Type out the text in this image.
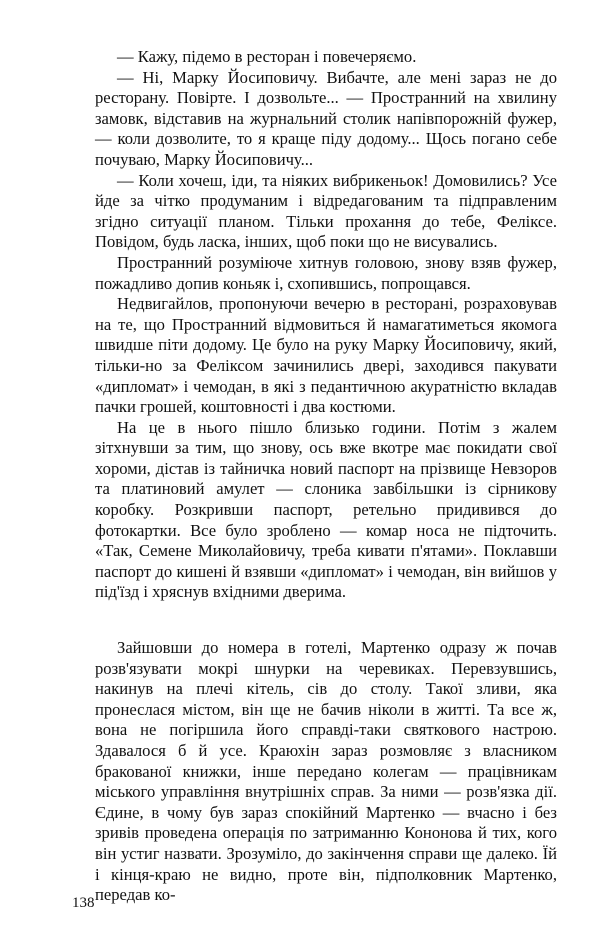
— Кажу, підемо в ресторан і повечеряємо.

— Ні, Марку Йосиповичу. Вибачте, але мені зараз не до ресторану. Повірте. І дозвольте... — Пространний на хвилину замовк, відставив на журнальний столик напівпорожній фужер, — коли дозволите, то я краще піду додому... Щось погано себе почуваю, Марку Йосиповичу...

— Коли хочеш, іди, та ніяких вибрикеньок! Домовились? Усе йде за чітко продуманим і відредагованим та підправленим згідно ситуації планом. Тільки прохання до тебе, Феліксе. Повідом, будь ласка, інших, щоб поки що не висувались.

Пространний розуміюче хитнув головою, знову взяв фужер, пожадливо допив коньяк і, схопившись, попрощався.

Недвигайлов, пропонуючи вечерю в ресторані, розраховував на те, що Пространний відмовиться й намагатиметься якомога швидше піти додому. Це було на руку Марку Йосиповичу, який, тільки-но за Феліксом зачинились двері, заходився пакувати «дипломат» і чемодан, в які з педантичною акуратністю вкладав пачки грошей, коштовності і два костюми.

На це в нього пішло близько години. Потім з жалем зітхнувши за тим, що знову, ось вже вкотре має покидати свої хороми, дістав із тайничка новий паспорт на прізвище Невзоров та платиновий амулет — слоника завбільшки із сірникову коробку. Розкривши паспорт, ретельно придивився до фотокартки. Все було зроблено — комар носа не підточить. «Так, Семене Миколайовичу, треба кивати п'ятами». Поклавши паспорт до кишені й взявши «дипломат» і чемодан, він вийшов у під'їзд і хряснув вхідними дверима.

Зайшовши до номера в готелі, Мартенко одразу ж почав розв'язувати мокрі шнурки на черевиках. Перевзувшись, накинув на плечі кітель, сів до столу. Такої зливи, яка пронеслася містом, він ще не бачив ніколи в житті. Та все ж, вона не погіршила його справді-таки святкового настрою. Здавалося б й усе. Краюхін зараз розмовляє з власником бракованої книжки, інше передано колегам — працівникам міського управління внутрішніх справ. За ними — розв'язка дії. Єдине, в чому був зараз спокійний Мартенко — вчасно і без зривів проведена операція по затриманню Кононова й тих, кого він устиг назвати. Зрозуміло, до закінчення справи ще далеко. Їй і кінця-краю не видно, проте він, підполковник Мартенко, передав ко-

138
